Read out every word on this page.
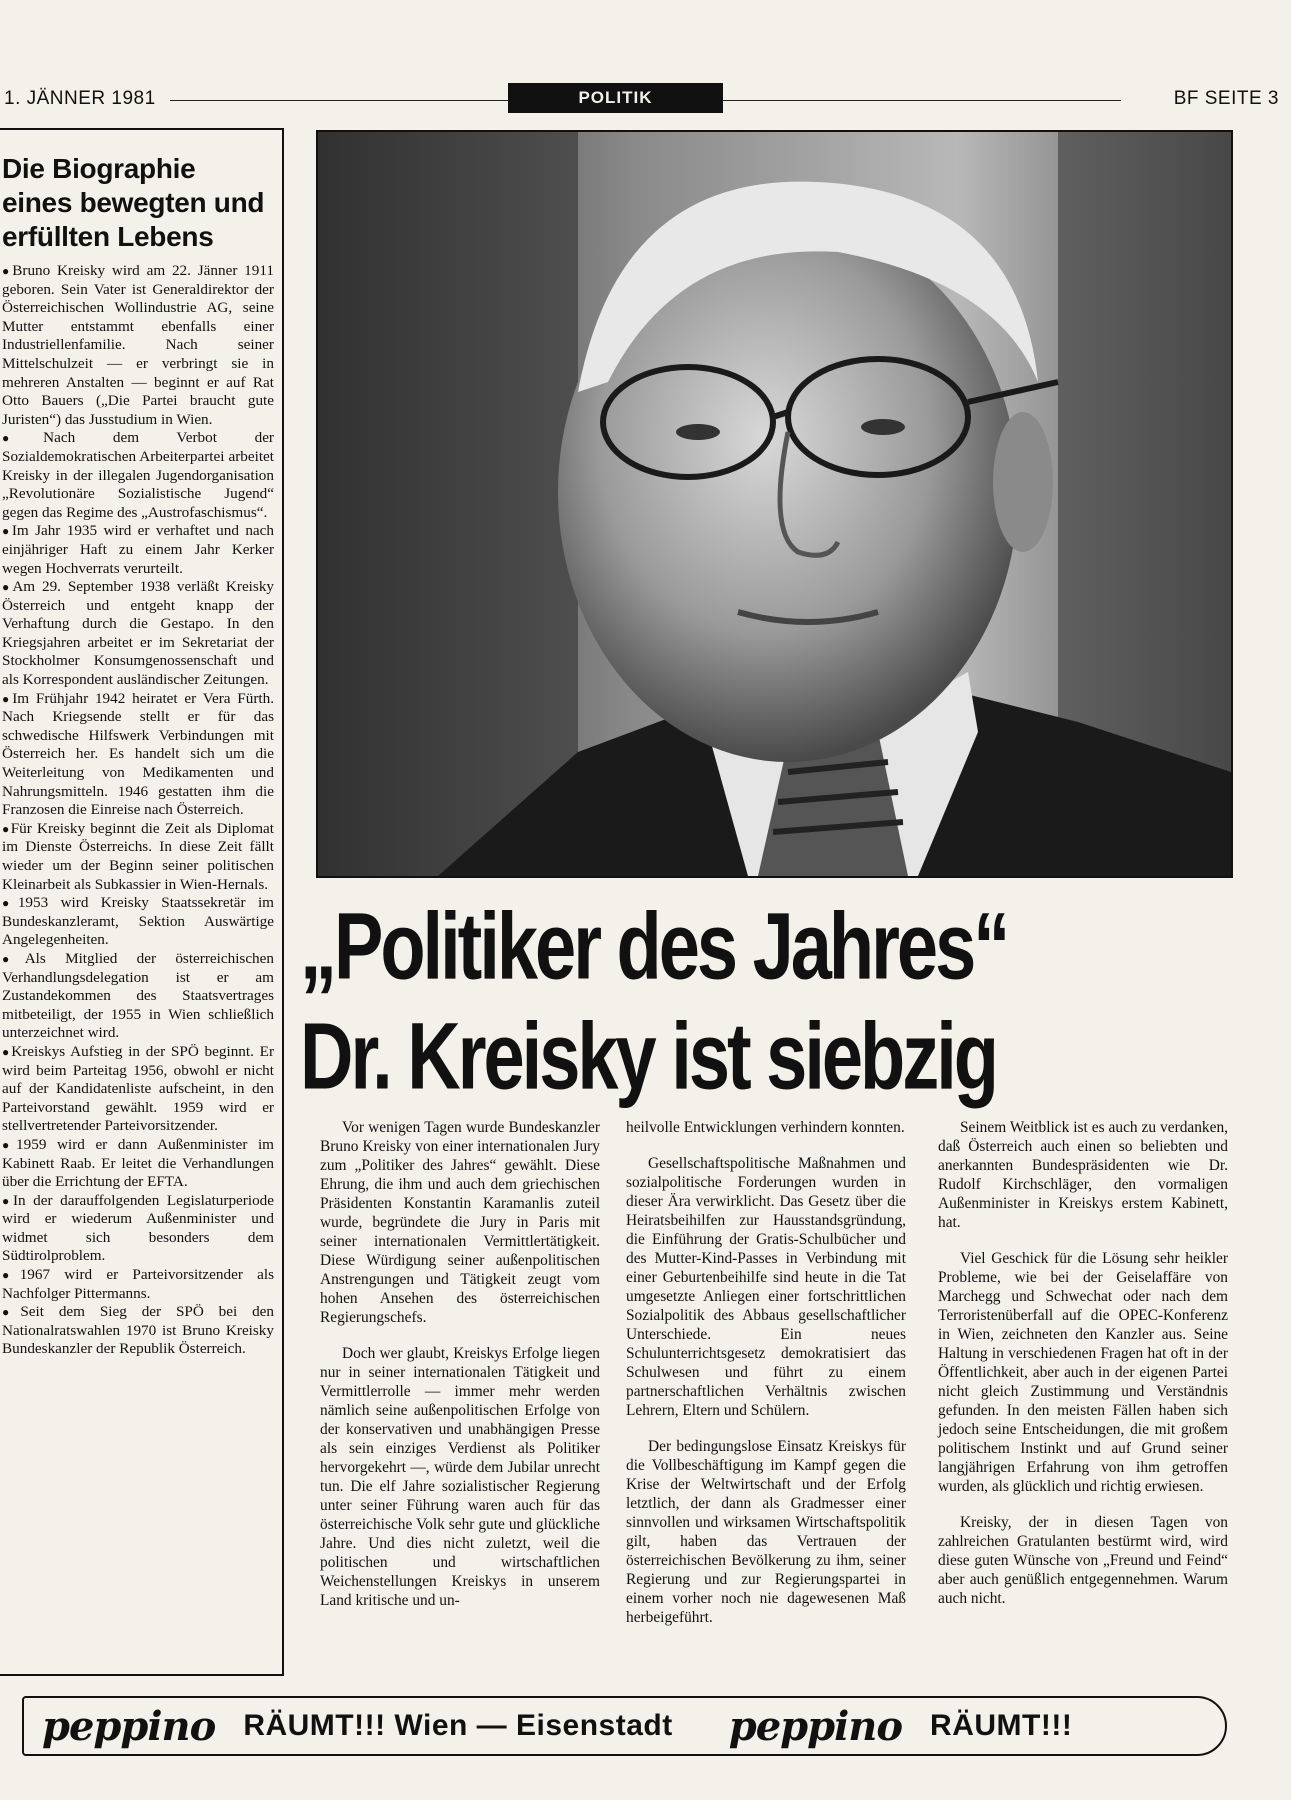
1. JÄNNER 1981	POLITIK	BF SEITE 3
Die Biographie eines bewegten und erfüllten Lebens

● Bruno Kreisky wird am 22. Jänner 1911 geboren. Sein Vater ist Generaldirektor der Österreichischen Wollindustrie AG, seine Mutter entstammt ebenfalls einer Industriellenfamilie. Nach seiner Mittelschulzeit — er verbringt sie in mehreren Anstalten — beginnt er auf Rat Otto Bauers („Die Partei braucht gute Juristen“) das Jusstudium in Wien.

● Nach dem Verbot der Sozialdemokratischen Arbeiterpartei arbeitet Kreisky in der illegalen Jugendorganisation „Revolutionäre Sozialistische Jugend“ gegen das Regime des „Austrofaschismus“.

● Im Jahr 1935 wird er verhaftet und nach einjähriger Haft zu einem Jahr Kerker wegen Hochverrats verurteilt.

● Am 29. September 1938 verläßt Kreisky Österreich und entgeht knapp der Verhaftung durch die Gestapo. In den Kriegsjahren arbeitet er im Sekretariat der Stockholmer Konsumgenossenschaft und als Korrespondent ausländischer Zeitungen.

● Im Frühjahr 1942 heiratet er Vera Fürth. Nach Kriegsende stellt er für das schwedische Hilfswerk Verbindungen mit Österreich her. Es handelt sich um die Weiterleitung von Medikamenten und Nahrungsmitteln. 1946 gestatten ihm die Franzosen die Einreise nach Österreich.

● Für Kreisky beginnt die Zeit als Diplomat im Dienste Österreichs. In diese Zeit fällt wieder um der Beginn seiner politischen Kleinarbeit als Subkassier in Wien-Hernals.

● 1953 wird Kreisky Staatssekretär im Bundeskanzleramt, Sektion Auswärtige Angelegenheiten.

● Als Mitglied der österreichischen Verhandlungsdelegation ist er am Zustandekommen des Staatsvertrages mitbeteiligt, der 1955 in Wien schließlich unterzeichnet wird.

● Kreiskys Aufstieg in der SPÖ beginnt. Er wird beim Parteitag 1956, obwohl er nicht auf der Kandidatenliste aufscheint, in den Parteivorstand gewählt. 1959 wird er stellvertretender Parteivorsitzender.

● 1959 wird er dann Außenminister im Kabinett Raab. Er leitet die Verhandlungen über die Errichtung der EFTA.

● In der darauffolgenden Legislaturperiode wird er wiederum Außenminister und widmet sich besonders dem Südtirolproblem.

● 1967 wird er Parteivorsitzender als Nachfolger Pittermanns.

● Seit dem Sieg der SPÖ bei den Nationalratswahlen 1970 ist Bruno Kreisky Bundeskanzler der Republik Österreich.

„Politiker des Jahres“
Dr. Kreisky ist siebzig

Vor wenigen Tagen wurde Bundeskanzler Bruno Kreisky von einer internationalen Jury zum „Politiker des Jahres“ gewählt. Diese Ehrung, die ihm und auch dem griechischen Präsidenten Konstantin Karamanlis zuteil wurde, begründete die Jury in Paris mit seiner internationalen Vermittlertätigkeit. Diese Würdigung seiner außenpolitischen Anstrengungen und Tätigkeit zeugt vom hohen Ansehen des österreichischen Regierungschefs.

Doch wer glaubt, Kreiskys Erfolge liegen nur in seiner internationalen Tätigkeit und Vermittlerrolle — immer mehr werden nämlich seine außenpolitischen Erfolge von der konservativen und unabhängigen Presse als sein einziges Verdienst als Politiker hervorgekehrt —, würde dem Jubilar unrecht tun. Die elf Jahre sozialistischer Regierung unter seiner Führung waren auch für das österreichische Volk sehr gute und glückliche Jahre. Und dies nicht zuletzt, weil die politischen und wirtschaftlichen Weichenstellungen Kreiskys in unserem Land kritische und un-

heilvolle Entwicklungen verhindern konnten.

Gesellschaftspolitische Maßnahmen und sozialpolitische Forderungen wurden in dieser Ära verwirklicht. Das Gesetz über die Heiratsbeihilfen zur Hausstandsgründung, die Einführung der Gratis-Schulbücher und des Mutter-Kind-Passes in Verbindung mit einer Geburtenbeihilfe sind heute in die Tat umgesetzte Anliegen einer fortschrittlichen Sozialpolitik des Abbaus gesellschaftlicher Unterschiede. Ein neues Schulunterrichtsgesetz demokratisiert das Schulwesen und führt zu einem partnerschaftlichen Verhältnis zwischen Lehrern, Eltern und Schülern.

Der bedingungslose Einsatz Kreiskys für die Vollbeschäftigung im Kampf gegen die Krise der Weltwirtschaft und der Erfolg letztlich, der dann als Gradmesser einer sinnvollen und wirksamen Wirtschaftspolitik gilt, haben das Vertrauen der österreichischen Bevölkerung zu ihm, seiner Regierung und zur Regierungspartei in einem vorher noch nie dagewesenen Maß herbeigeführt.

Seinem Weitblick ist es auch zu verdanken, daß Österreich auch einen so beliebten und anerkannten Bundespräsidenten wie Dr. Rudolf Kirchschläger, den vormaligen Außenminister in Kreiskys erstem Kabinett, hat.

Viel Geschick für die Lösung sehr heikler Probleme, wie bei der Geiselaffäre von Marchegg und Schwechat oder nach dem Terroristenüberfall auf die OPEC-Konferenz in Wien, zeichneten den Kanzler aus. Seine Haltung in verschiedenen Fragen hat oft in der Öffentlichkeit, aber auch in der eigenen Partei nicht gleich Zustimmung und Verständnis gefunden. In den meisten Fällen haben sich jedoch seine Entscheidungen, die mit großem politischem Instinkt und auf Grund seiner langjährigen Erfahrung von ihm getroffen wurden, als glücklich und richtig erwiesen.

Kreisky, der in diesen Tagen von zahlreichen Gratulanten bestürmt wird, wird diese guten Wünsche von „Freund und Feind“ aber auch genüßlich entgegennehmen. Warum auch nicht.

peppino RÄUMT!!! Wien — Eisenstadt peppino RÄUMT!!!
